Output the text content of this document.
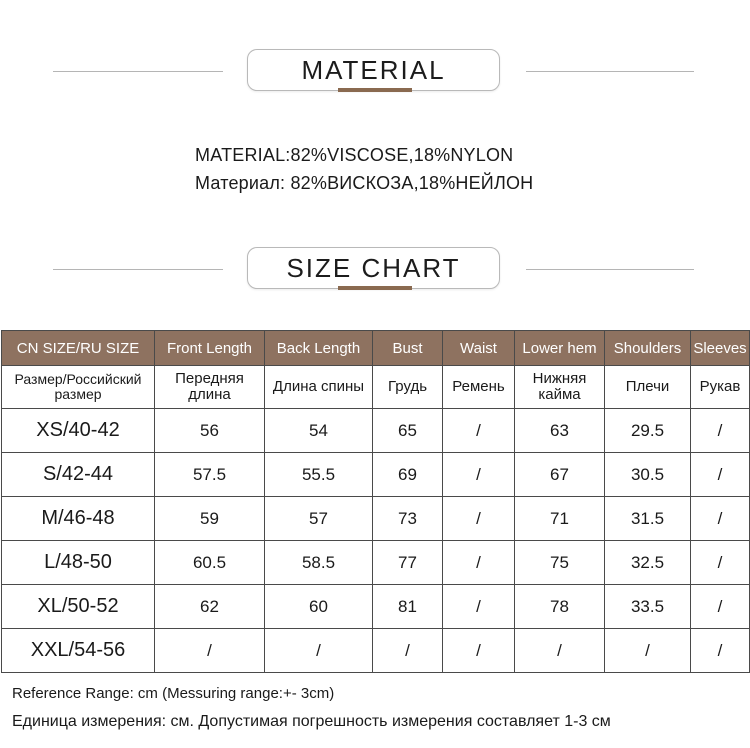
MATERIAL
MATERIAL:82%VISCOSE,18%NYLON
Материал: 82%ВИСКОЗА,18%НЕЙЛОН
SIZE CHART
CN SIZE/RU SIZE	Front Length	Back Length	Bust	Waist	Lower hem	Shoulders	Sleeves
Размер/Российский размер	Передняя длина	Длина спины	Грудь	Ремень	Нижняя кайма	Плечи	Рукав
XS/40-42	56	54	65	/	63	29.5	/
S/42-44	57.5	55.5	69	/	67	30.5	/
M/46-48	59	57	73	/	71	31.5	/
L/48-50	60.5	58.5	77	/	75	32.5	/
XL/50-52	62	60	81	/	78	33.5	/
XXL/54-56	/	/	/	/	/	/	/
Reference Range: cm (Messuring range:+- 3cm)
Единица измерения: см. Допустимая погрешность измерения составляет 1-3 см
